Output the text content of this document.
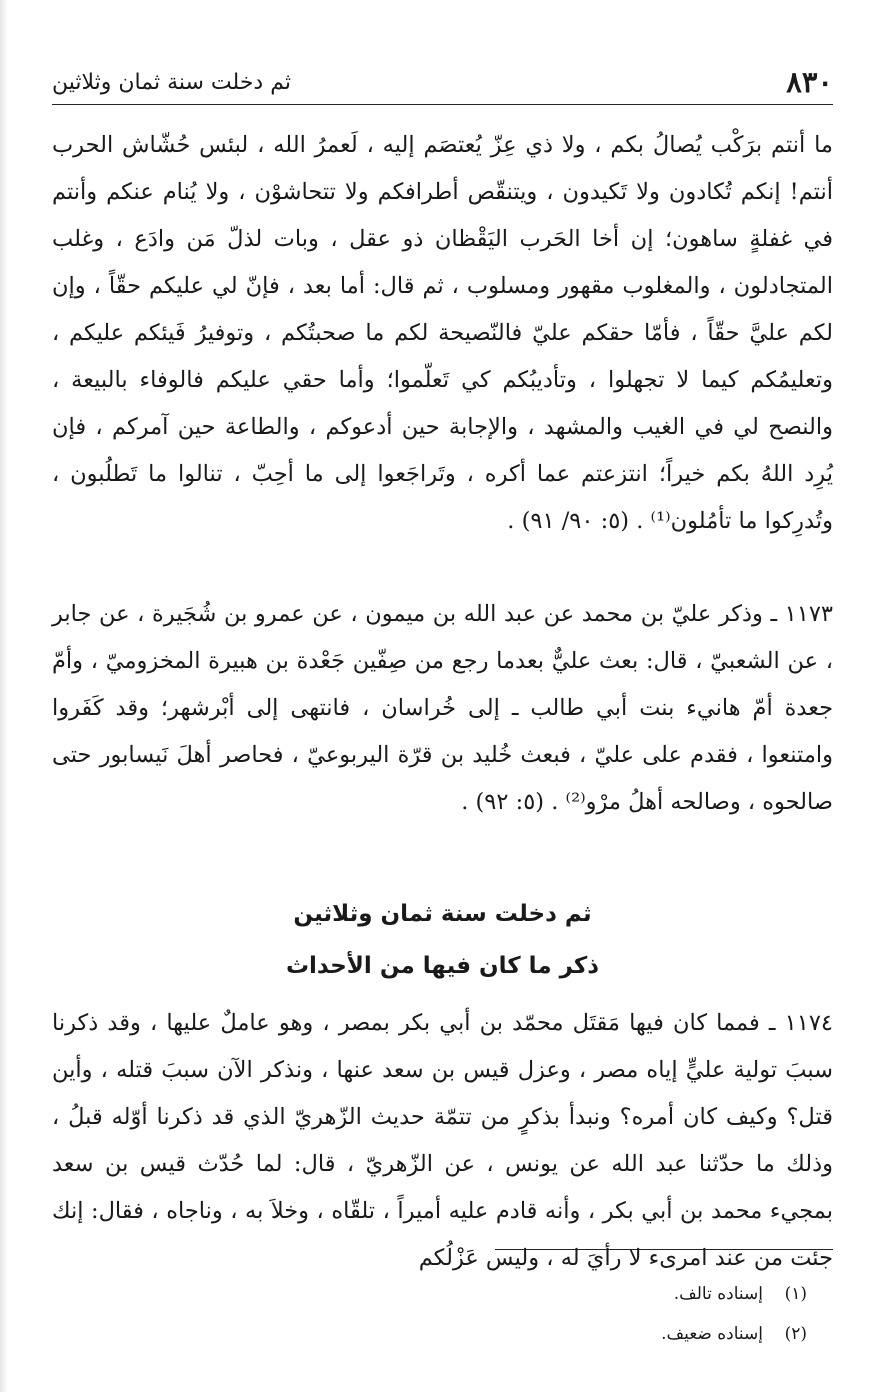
٨٣٠
ثم دخلت سنة ثمان وثلاثين

ما أنتم برَكْب يُصالُ بكم ، ولا ذي عِزّ يُعتصَم إليه ، لَعمرُ الله ، لبئس حُشّاش الحرب أنتم! إنكم تُكادون ولا تَكيدون ، ويتنقّص أطرافكم ولا تتحاشوْن ، ولا يُنام عنكم وأنتم في غفلةٍ ساهون؛ إن أخا الحَرب اليَقْظان ذو عقل ، وبات لذلّ مَن وادَع ، وغلب المتجادلون ، والمغلوب مقهور ومسلوب ، ثم قال: أما بعد ، فإنّ لي عليكم حقّاً ، وإن لكم عليَّ حقّاً ، فأمّا حقكم عليّ فالنّصيحة لكم ما صحبتُكم ، وتوفيرُ فَيئكم عليكم ، وتعليمُكم كيما لا تجهلوا ، وتأديبُكم كي تَعلّموا؛ وأما حقي عليكم فالوفاء بالبيعة ، والنصح لي في الغيب والمشهد ، والإجابة حين أدعوكم ، والطاعة حين آمركم ، فإن يُرِد اللهُ بكم خيراً؛ انتزعتم عما أكره ، وتَراجَعوا إلى ما أحِبّ ، تنالوا ما تَطلُبون ، وتُدرِكوا ما تأمُلون⁽¹⁾ . (٥: ٩٠/ ٩١) .

١١٧٣ ـ وذكر عليّ بن محمد عن عبد الله بن ميمون ، عن عمرو بن شُجَيرة ، عن جابر ، عن الشعبيّ ، قال: بعث عليٌّ بعدما رجع من صِفّين جَعْدة بن هبيرة المخزوميّ ، وأمّ جعدة أمّ هانيء بنت أبي طالب ـ إلى خُراسان ، فانتهى إلى أبْرشهر؛ وقد كَفَروا وامتنعوا ، فقدم على عليّ ، فبعث خُليد بن قرّة اليربوعيّ ، فحاصر أهلَ نَيسابور حتى صالحوه ، وصالحه أهلُ مرْو⁽²⁾ . (٥: ٩٢) .

ثم دخلت سنة ثمان وثلاثين
ذكر ما كان فيها من الأحداث

١١٧٤ ـ فمما كان فيها مَقتَل محمّد بن أبي بكر بمصر ، وهو عاملٌ عليها ، وقد ذكرنا سببَ تولية عليٍّ إياه مصر ، وعزل قيس بن سعد عنها ، ونذكر الآن سببَ قتله ، وأين قتل؟ وكيف كان أمره؟ ونبدأ بذكرٍ من تتمّة حديث الزّهريّ الذي قد ذكرنا أوّله قبلُ ، وذلك ما حدّثنا عبد الله عن يونس ، عن الزّهريّ ، قال: لما حُدّث قيس بن سعد بمجيء محمد بن أبي بكر ، وأنه قادم عليه أميراً ، تلقّاه ، وخلاَ به ، وناجاه ، فقال: إنك جئت من عند امرىء لا رأيَ له ، وليس عَزْلُكم

(١)
إسناده تالف.
(٢)
إسناده ضعيف.
